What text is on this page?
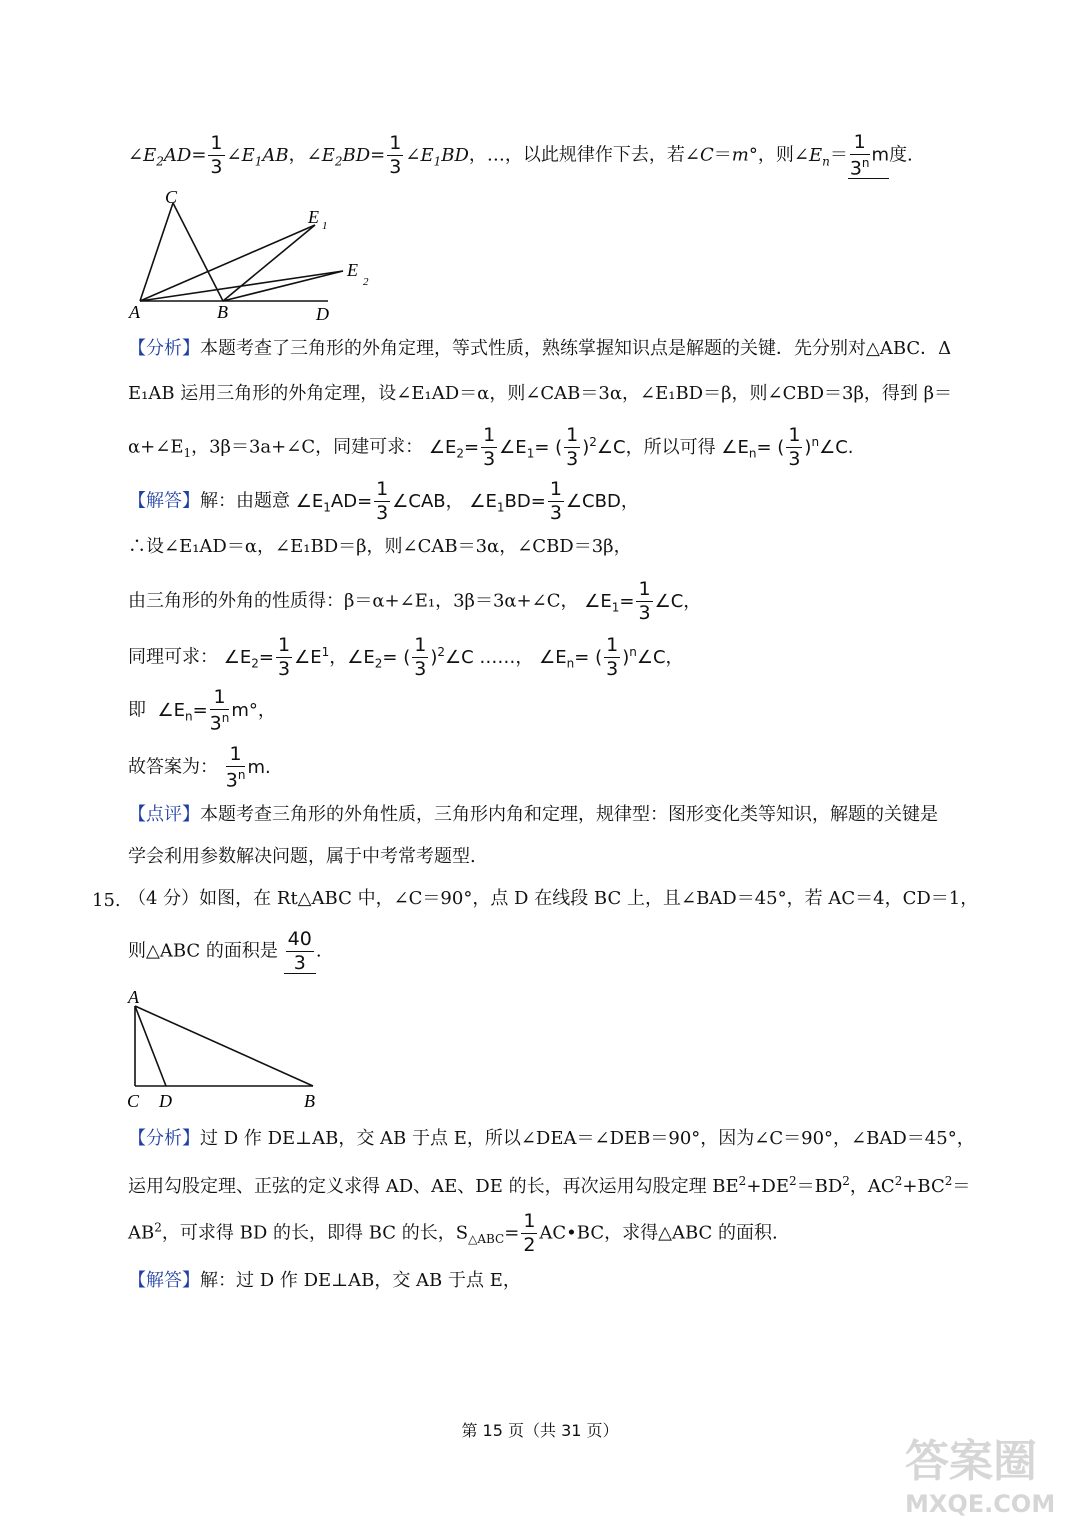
$\angle E_2AD= \frac{1}{3}$ $\angle E_1AB$，$\angle E_2BD= \frac{1}{3}$ $\angle E_1BD$，…，以此规律作下去，若∠C＝m°，则$\angle E_n= \frac{1}{3^n}$ m度.
C
E 1
E
2
A	B	D
【分析】本题考查了三角形的外角定理，等式性质，熟练掌握知识点是解题的关键．先分别对△ABC．Δ
E₁AB 运用三角形的外角定理，设∠E₁AD＝α，则∠CAB＝3α，∠E₁BD＝β，则∠CBD＝3β，得到 β＝
$\alpha+\angle E_1$，3β＝3a+∠C，同建可求： $\angle E_2= \frac{1}{3}$ $\angle E_1=$ ( $\frac{1}{3}$ )$^2$∠C，所以可得 $\angle E_n=$ ( $\frac{1}{3}$ )$^n$∠C.
【解答】解：由题意 $\angle E_1AD= \frac{1}{3}$ ∠CAB， $\angle E_1BD= \frac{1}{3}$ ∠CBD，
∴设∠E₁AD＝α，∠E₁BD＝β，则∠CAB＝3α，∠CBD＝3β，
由三角形的外角的性质得：β＝α+∠E₁，3β＝3α+∠C， $\angle E_1= \frac{1}{3}$ ∠C，
同理可求： $\angle E_2= \frac{1}{3}$ $\angle E^1$，$\angle E_2=$ ( $\frac{1}{3}$ )$^2$∠C ……， $\angle E_n=$ ( $\frac{1}{3}$ )$^n$∠C，
即 $\angle E_n= \frac{1}{3^n} m^\circ$，
故答案为： $\frac{1}{3^n} m$.
【点评】本题考查三角形的外角性质，三角形内角和定理，规律型：图形变化类等知识，解题的关键是
学会利用参数解决问题，属于中考常考题型.
15. （4 分）如图，在 Rt△ABC 中，∠C＝90°，点 D 在线段 BC 上，且∠BAD＝45°，若 AC＝4，CD＝1，
则△ABC 的面积是 $\frac{40}{3}$ .
A
C D	B
【分析】过 D 作 DE⊥AB，交 AB 于点 E，所以∠DEA＝∠DEB＝90°，因为∠C＝90°，∠BAD＝45°，
运用勾股定理、正弦的定义求得 AD、AE、DE 的长，再次运用勾股定理 $BE^2+DE^2=BD^2$，$AC^2+BC^2=$
$AB^2$，可求得 BD 的长，即得 BC 的长，$S_{\triangle ABC}= \frac{1}{2}$ AC•BC，求得△ABC 的面积.
【解答】解：过 D 作 DE⊥AB，交 AB 于点 E，
第 15 页（共 31 页）
答案圈
MXQE.COM
